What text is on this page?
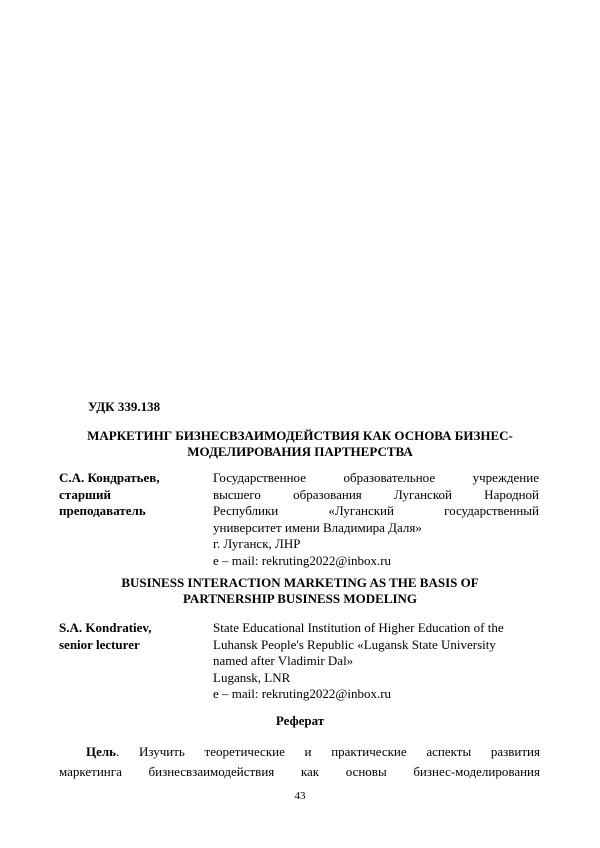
УДК 339.138
МАРКЕТИНГ БИЗНЕСВЗАИМОДЕЙСТВИЯ КАК ОСНОВА БИЗНЕС-
МОДЕЛИРОВАНИЯ ПАРТНЕРСТВА
С.А. Кондратьев,
старший
преподаватель
Государственное образовательное учреждение
высшего образования Луганской Народной
Республики «Луганский государственный
университет имени Владимира Даля»
г. Луганск, ЛНР
e – mail: rekruting2022@inbox.ru
BUSINESS INTERACTION MARKETING AS THE BASIS OF
PARTNERSHIP BUSINESS MODELING
S.A. Kondratiev,
senior lecturer
State Educational Institution of Higher Education of the
Luhansk People's Republic «Lugansk State University
named after Vladimir Dal»
Lugansk, LNR
e – mail: rekruting2022@inbox.ru
Реферат
Цель. Изучить теоретические и практические аспекты развития
маркетинга бизнесвзаимодействия как основы бизнес-моделирования
43
